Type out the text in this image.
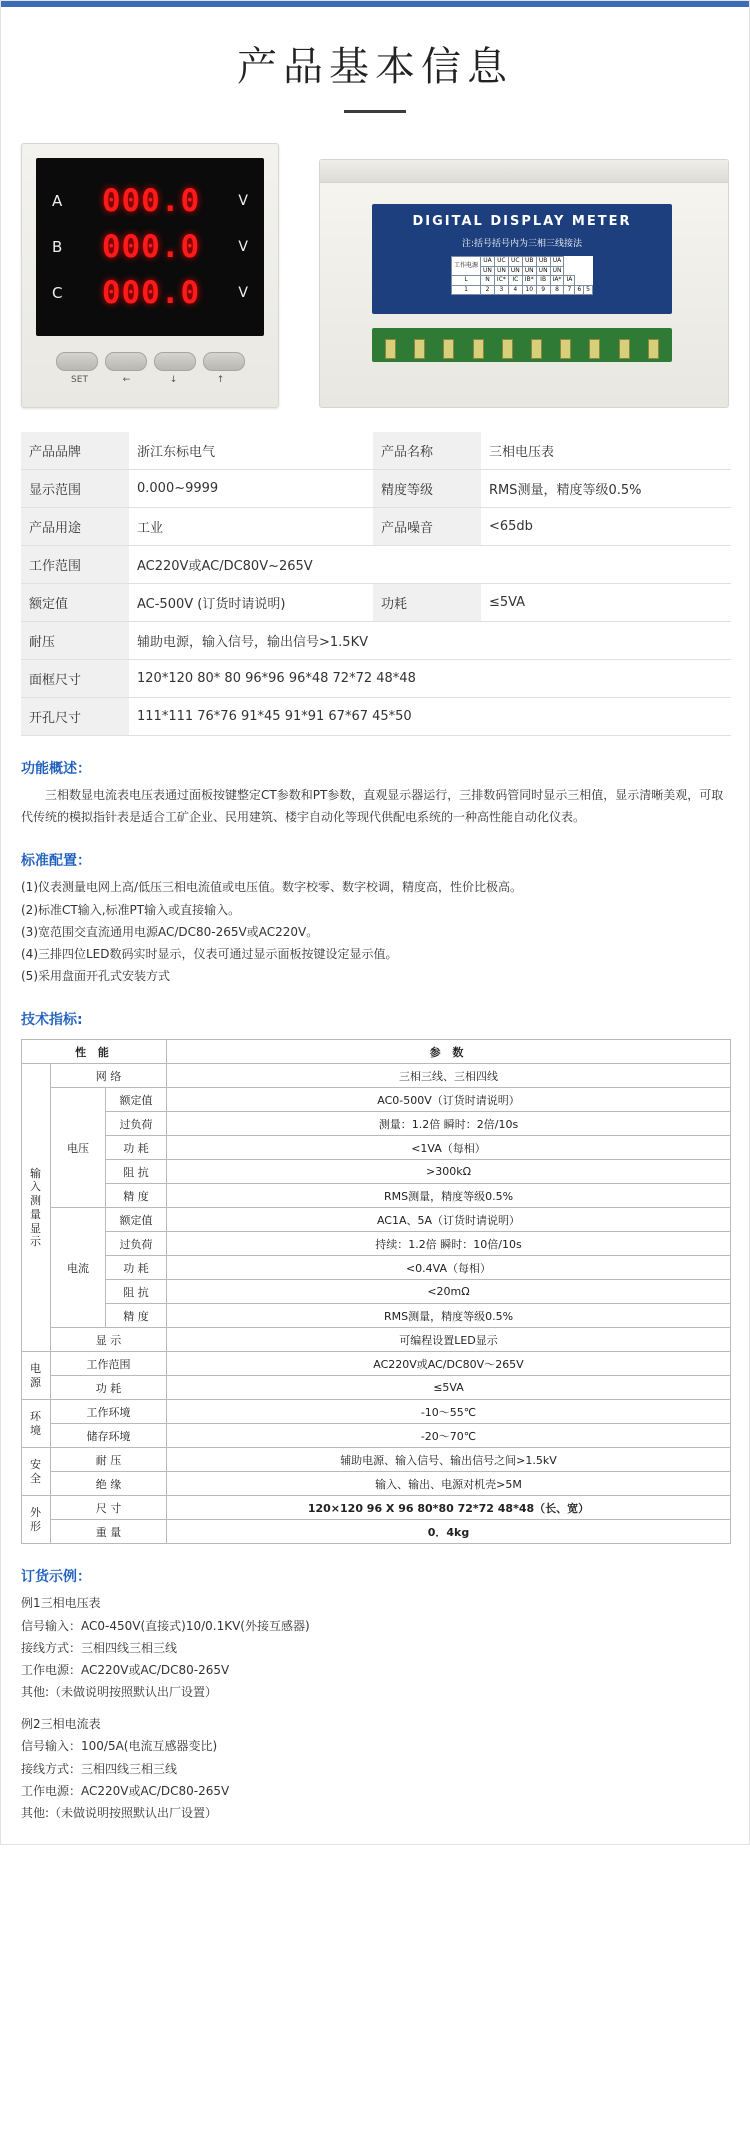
产品基本信息
A 000.0	V
B 000.0	V
C 000.0	V
SET	←	↓	↑
DIGITAL DISPLAY METER
注:括号括号内为三相三线接法
工作电源	UA	UC	UC	UB	UB	UA			
	UN	UN	UN	UN	UN	UN			
L	N	IC*	IC	IB*	IB	IA*	IA		
1	2	3	4	10	9	8	7	6	5
产品品牌	浙江东标电气	产品名称	三相电压表
显示范围	0.000~9999	精度等级	RMS测量，精度等级0.5%
产品用途	工业	产品噪音	<65db
工作范围	AC220V或AC/DC80V~265V		
额定值	AC-500V (订货时请说明)	功耗	≤5VA
耐压	辅助电源，输入信号，输出信号>1.5KV		
面框尺寸	120*120 80* 80 96*96 96*48 72*72 48*48		
开孔尺寸	111*111 76*76 91*45 91*91 67*67 45*50		
功能概述：

三相数显电流表电压表通过面板按键整定CT参数和PT参数，直观显示器运行，三排数码管同时显示三相值，显示清晰美观，可取代传统的模拟指针表是适合工矿企业、民用建筑、楼宇自动化等现代供配电系统的一种高性能自动化仪表。

标准配置：

(1)仪表测量电网上高/低压三相电流值或电压值。数字校零、数字校调，精度高，性价比极高。

(2)标准CT输入,标准PT输入或直接输入。

(3)宽范围交直流通用电源AC/DC80-265V或AC220V。

(4)三排四位LED数码实时显示，仪表可通过显示面板按键设定显示值。

(5)采用盘面开孔式安装方式

技术指标:
性 能			参 数
输 入 测 量 显 示	网 络		三相三线、三相四线
	电压	额定值	AC0-500V（订货时请说明）
		过负荷	测量：1.2倍 瞬时：2倍/10s
		功 耗	<1VA（每相）
		阻 抗	>300kΩ
		精 度	RMS测量，精度等级0.5%
	电流	额定值	AC1A、5A（订货时请说明）
		过负荷	持续：1.2倍 瞬时：10倍/10s
		功 耗	<0.4VA（每相）
		阻 抗	<20mΩ
		精 度	RMS测量，精度等级0.5%
	显 示		可编程设置LED显示
电源	工作范围		AC220V或AC/DC80V～265V
	功 耗		≤5VA
环境	工作环境		-10～55℃
	储存环境		-20～70℃
安全	耐 压		辅助电源、输入信号、输出信号之间>1.5kV
	绝 缘		输入、输出、电源对机壳>5M
外形	尺 寸		120×120 96 X 96 80*80 72*72 48*48（长、宽）
	重 量		0．4kg
订货示例：

例1三相电压表

信号输入：AC0-450V(直接式)10/0.1KV(外接互感器)

接线方式：三相四线三相三线

工作电源：AC220V或AC/DC80-265V

其他:（未做说明按照默认出厂设置）

例2三相电流表

信号输入：100/5A(电流互感器变比)

接线方式：三相四线三相三线

工作电源：AC220V或AC/DC80-265V

其他:（未做说明按照默认出厂设置）
